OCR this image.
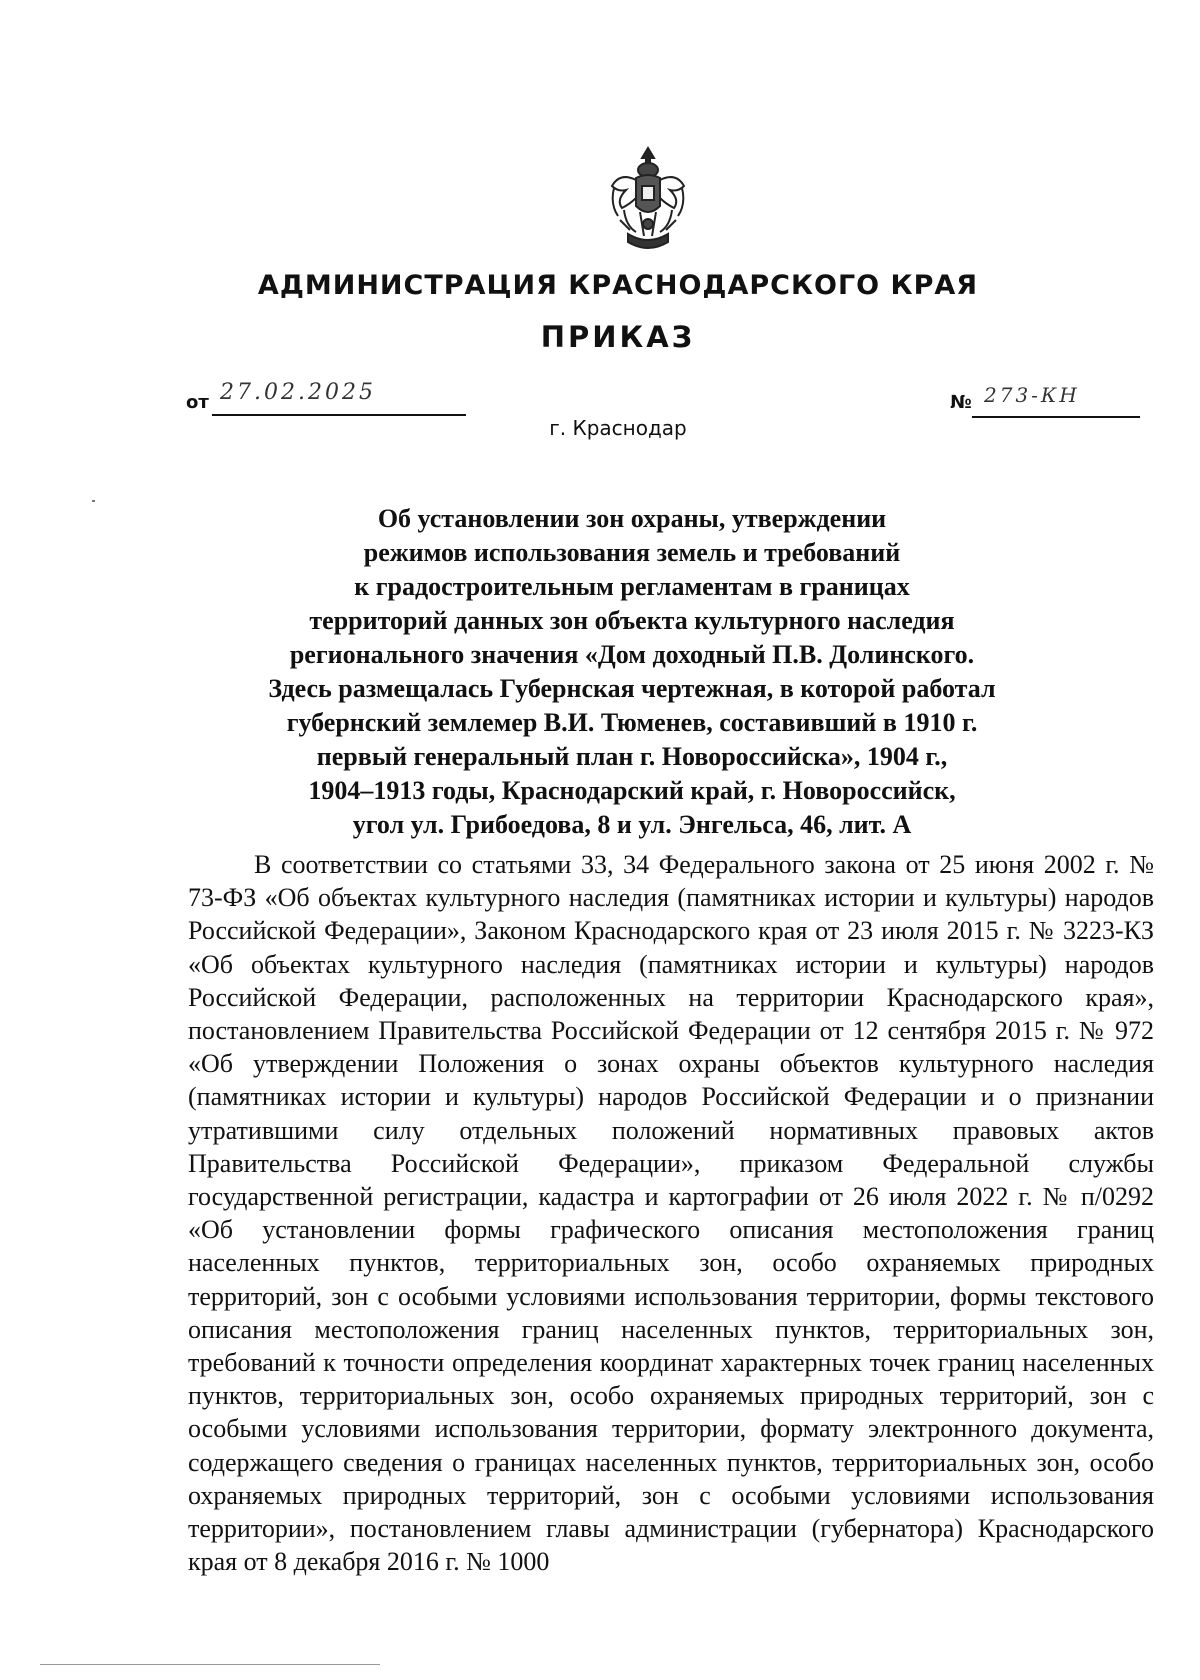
АДМИНИСТРАЦИЯ КРАСНОДАРСКОГО КРАЯ
ПРИКАЗ
от 27.02.2025	№ 273-КН
г. Краснодар
Об установлении зон охраны, утверждении
режимов использования земель и требований
к градостроительным регламентам в границах
территорий данных зон объекта культурного наследия
регионального значения «Дом доходный П.В. Долинского.
Здесь размещалась Губернская чертежная, в которой работал
губернский землемер В.И. Тюменев, составивший в 1910 г.
первый генеральный план г. Новороссийска», 1904 г.,
1904–1913 годы, Краснодарский край, г. Новороссийск,
угол ул. Грибоедова, 8 и ул. Энгельса, 46, лит. А

В соответствии со статьями 33, 34 Федерального закона от 25 июня 2002 г. № 73-ФЗ «Об объектах культурного наследия (памятниках истории и культуры) народов Российской Федерации», Законом Краснодарского края от 23 июля 2015 г. № 3223-КЗ «Об объектах культурного наследия (памятниках истории и культуры) народов Российской Федерации, расположенных на территории Краснодарского края», постановлением Правительства Российской Федерации от 12 сентября 2015 г. № 972 «Об утверждении Положения о зонах охраны объектов культурного наследия (памятниках истории и культуры) народов Российской Федерации и о признании утратившими силу отдельных положений нормативных правовых актов Правительства Российской Федерации», приказом Федеральной службы государственной регистрации, кадастра и картографии от 26 июля 2022 г. № п/0292 «Об установлении формы графического описания местоположения границ населенных пунктов, территориальных зон, особо охраняемых природных территорий, зон с особыми условиями использования территории, формы текстового описания местоположения границ населенных пунктов, территориальных зон, требований к точности определения координат характерных точек границ населенных пунктов, территориальных зон, особо охраняемых природных территорий, зон с особыми условиями использования территории, формату электронного документа, содержащего сведения о границах населенных пунктов, территориальных зон, особо охраняемых природных территорий, зон с особыми условиями использования территории», постановлением главы администрации (губернатора) Краснодарского края от 8 декабря 2016 г. № 1000
